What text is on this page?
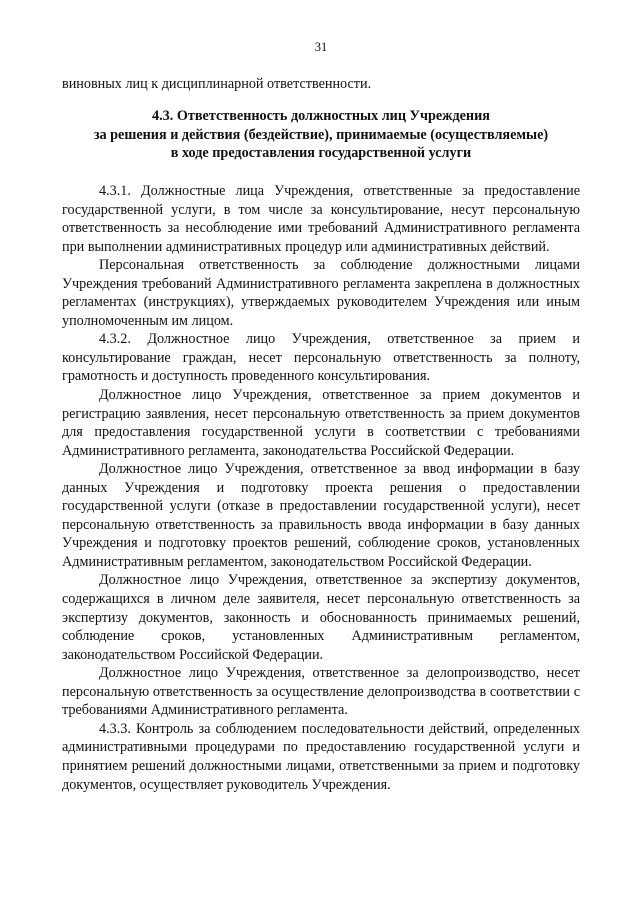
31
виновных лиц к дисциплинарной ответственности.
4.3. Ответственность должностных лиц Учреждения
за решения и действия (бездействие), принимаемые (осуществляемые)
в ходе предоставления государственной услуги

4.3.1. Должностные лица Учреждения, ответственные за предоставление государственной услуги, в том числе за консультирование, несут персональную ответственность за несоблюдение ими требований Административного регламента при выполнении административных процедур или административных действий.

Персональная ответственность за соблюдение должностными лицами Учреждения требований Административного регламента закреплена в должностных регламентах (инструкциях), утверждаемых руководителем Учреждения или иным уполномоченным им лицом.

4.3.2. Должностное лицо Учреждения, ответственное за прием и консультирование граждан, несет персональную ответственность за полноту, грамотность и доступность проведенного консультирования.

Должностное лицо Учреждения, ответственное за прием документов и регистрацию заявления, несет персональную ответственность за прием документов для предоставления государственной услуги в соответствии с требованиями Административного регламента, законодательства Российской Федерации.

Должностное лицо Учреждения, ответственное за ввод информации в базу данных Учреждения и подготовку проекта решения о предоставлении государственной услуги (отказе в предоставлении государственной услуги), несет персональную ответственность за правильность ввода информации в базу данных Учреждения и подготовку проектов решений, соблюдение сроков, установленных Административным регламентом, законодательством Российской Федерации.

Должностное лицо Учреждения, ответственное за экспертизу документов, содержащихся в личном деле заявителя, несет персональную ответственность за экспертизу документов, законность и обоснованность принимаемых решений, соблюдение сроков, установленных Административным регламентом, законодательством Российской Федерации.

Должностное лицо Учреждения, ответственное за делопроизводство, несет персональную ответственность за осуществление делопроизводства в соответствии с требованиями Административного регламента.

4.3.3. Контроль за соблюдением последовательности действий, определенных административными процедурами по предоставлению государственной услуги и принятием решений должностными лицами, ответственными за прием и подготовку документов, осуществляет руководитель Учреждения.
